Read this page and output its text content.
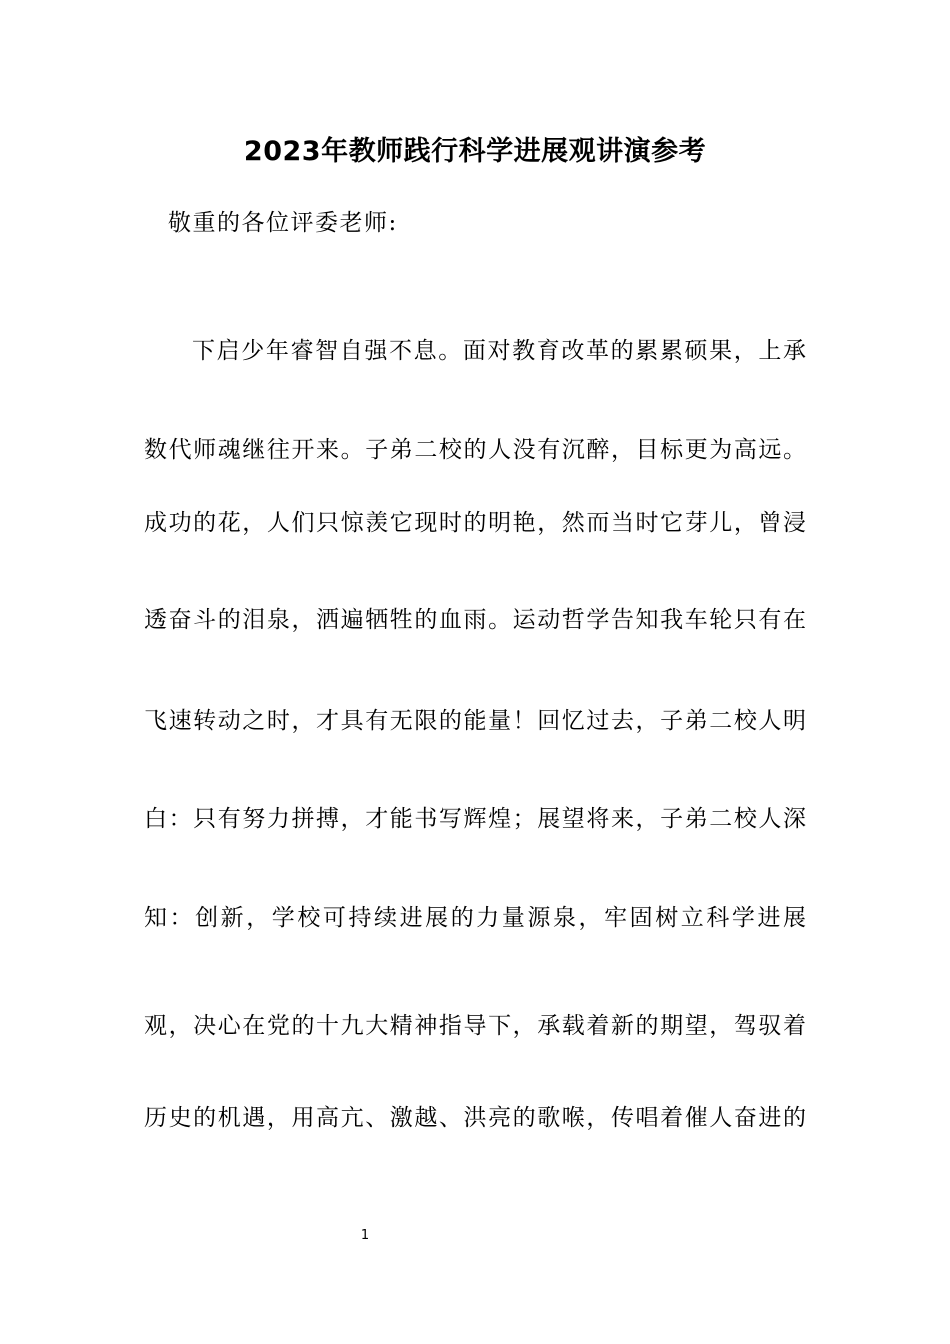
2023年教师践行科学进展观讲演参考
敬重的各位评委老师:
下启少年睿智自强不息。面对教育改革的累累硕果，上承
数代师魂继往开来。子弟二校的人没有沉醉，目标更为高远。
成功的花，人们只惊羡它现时的明艳，然而当时它芽儿，曾浸
透奋斗的泪泉，洒遍牺牲的血雨。运动哲学告知我车轮只有在
飞速转动之时，才具有无限的能量！回忆过去，子弟二校人明
白：只有努力拼搏，才能书写辉煌；展望将来，子弟二校人深
知：创新，学校可持续进展的力量源泉，牢固树立科学进展
观，决心在党的十九大精神指导下，承载着新的期望，驾驭着
历史的机遇，用高亢、激越、洪亮的歌喉，传唱着催人奋进的
1
